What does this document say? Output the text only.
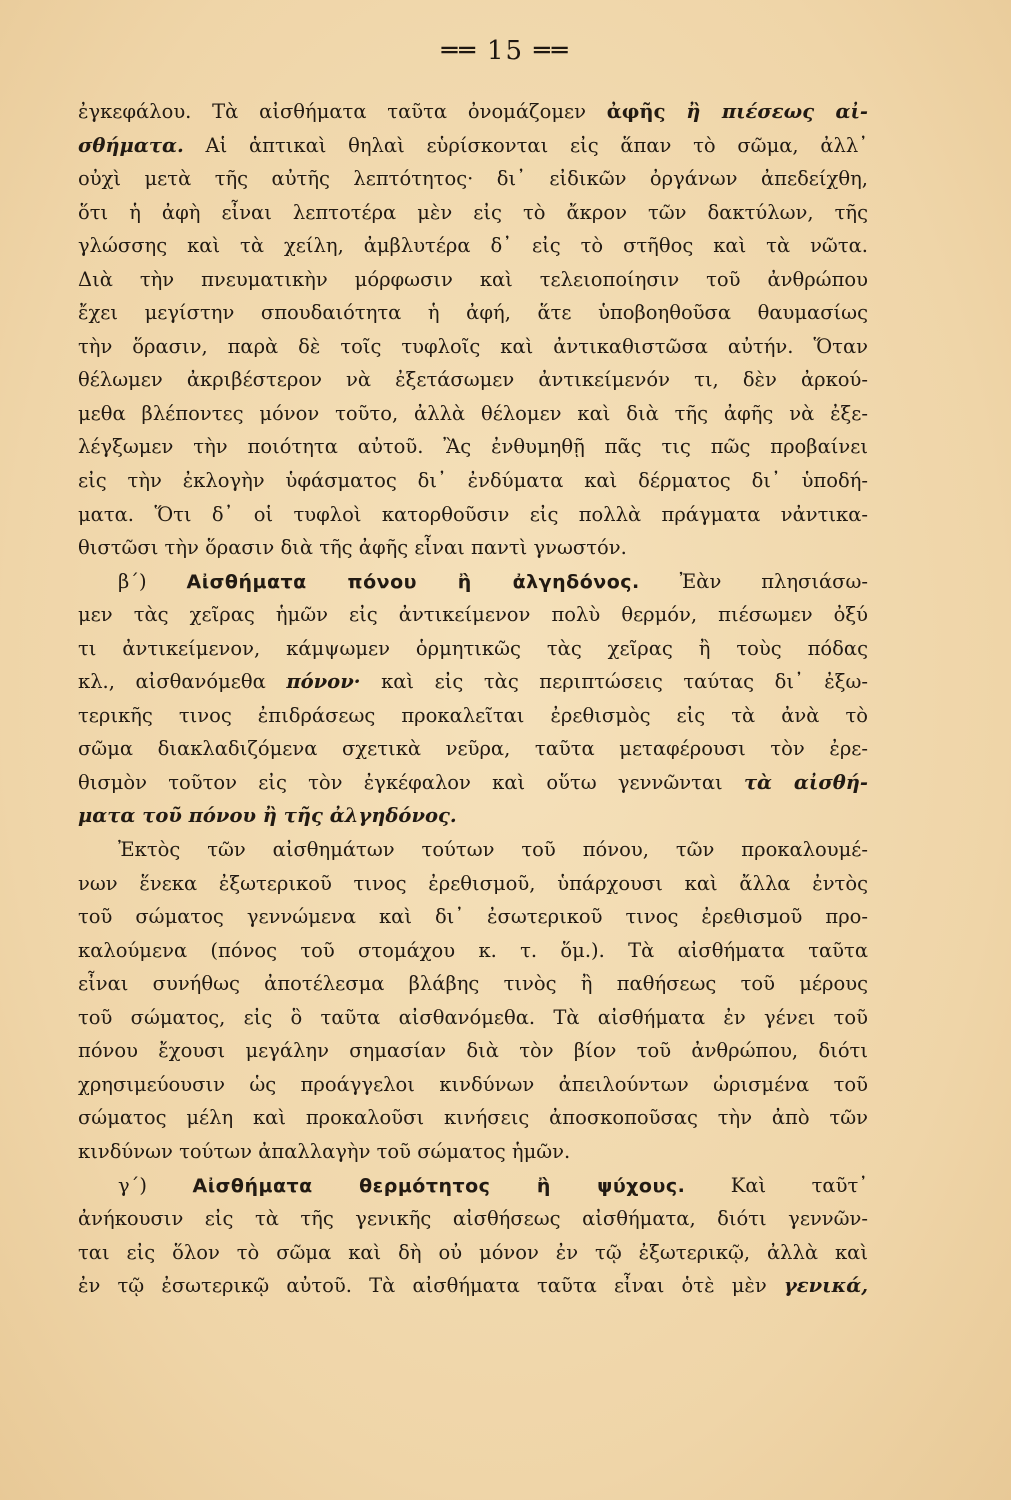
══ 15 ══
ἐγκεφάλου. Τὰ αἰσθήματα ταῦτα ὀνομάζομεν ἀφῆς ἢ πιέσεως αἰ-
σθήματα. Αἱ ἁπτικαὶ θηλαὶ εὑρίσκονται εἰς ἅπαν τὸ σῶμα, ἀλλ᾽
οὐχὶ μετὰ τῆς αὐτῆς λεπτότητος· δι᾽ εἰδικῶν ὀργάνων ἀπεδείχθη,
ὅτι ἡ ἀφὴ εἶναι λεπτοτέρα μὲν εἰς τὸ ἄκρον τῶν δακτύλων, τῆς
γλώσσης καὶ τὰ χείλη, ἀμβλυτέρα δ᾽ εἰς τὸ στῆθος καὶ τὰ νῶτα.
Διὰ τὴν πνευματικὴν μόρφωσιν καὶ τελειοποίησιν τοῦ ἀνθρώπου
ἔχει μεγίστην σπουδαιότητα ἡ ἀφή, ἅτε ὑποβοηθοῦσα θαυμασίως
τὴν ὅρασιν, παρὰ δὲ τοῖς τυφλοῖς καὶ ἀντικαθιστῶσα αὐτήν. Ὅταν
θέλωμεν ἀκριβέστερον νὰ ἐξετάσωμεν ἀντικείμενόν τι, δὲν ἀρκού-
μεθα βλέποντες μόνον τοῦτο, ἀλλὰ θέλομεν καὶ διὰ τῆς ἀφῆς νὰ ἐξε-
λέγξωμεν τὴν ποιότητα αὐτοῦ. Ἂς ἐνθυμηθῇ πᾶς τις πῶς προβαίνει
εἰς τὴν ἐκλογὴν ὑφάσματος δι᾽ ἐνδύματα καὶ δέρματος δι᾽ ὑποδή-
ματα. Ὅτι δ᾽ οἱ τυφλοὶ κατορθοῦσιν εἰς πολλὰ πράγματα νἀντικα-
θιστῶσι τὴν ὅρασιν διὰ τῆς ἀφῆς εἶναι παντὶ γνωστόν.
β´) Αἰσθήματα πόνου ἢ ἀλγηδόνος. Ἐὰν πλησιάσω-
μεν τὰς χεῖρας ἡμῶν εἰς ἀντικείμενον πολὺ θερμόν, πιέσωμεν ὀξύ
τι ἀντικείμενον, κάμψωμεν ὁρμητικῶς τὰς χεῖρας ἢ τοὺς πόδας
κλ., αἰσθανόμεθα πόνον· καὶ εἰς τὰς περιπτώσεις ταύτας δι᾽ ἐξω-
τερικῆς τινος ἐπιδράσεως προκαλεῖται ἐρεθισμὸς εἰς τὰ ἀνὰ τὸ
σῶμα διακλαδιζόμενα σχετικὰ νεῦρα, ταῦτα μεταφέρουσι τὸν ἐρε-
θισμὸν τοῦτον εἰς τὸν ἐγκέφαλον καὶ οὕτω γεννῶνται τὰ αἰσθή-
ματα τοῦ πόνου ἢ τῆς ἀλγηδόνος.
Ἐκτὸς τῶν αἰσθημάτων τούτων τοῦ πόνου, τῶν προκαλουμέ-
νων ἕνεκα ἐξωτερικοῦ τινος ἐρεθισμοῦ, ὑπάρχουσι καὶ ἄλλα ἐντὸς
τοῦ σώματος γεννώμενα καὶ δι᾽ ἐσωτερικοῦ τινος ἐρεθισμοῦ προ-
καλούμενα (πόνος τοῦ στομάχου κ. τ. ὅμ.). Τὰ αἰσθήματα ταῦτα
εἶναι συνήθως ἀποτέλεσμα βλάβης τινὸς ἢ παθήσεως τοῦ μέρους
τοῦ σώματος, εἰς ὃ ταῦτα αἰσθανόμεθα. Τὰ αἰσθήματα ἐν γένει τοῦ
πόνου ἔχουσι μεγάλην σημασίαν διὰ τὸν βίον τοῦ ἀνθρώπου, διότι
χρησιμεύουσιν ὡς προάγγελοι κινδύνων ἀπειλούντων ὡρισμένα τοῦ
σώματος μέλη καὶ προκαλοῦσι κινήσεις ἀποσκοποῦσας τὴν ἀπὸ τῶν
κινδύνων τούτων ἀπαλλαγὴν τοῦ σώματος ἡμῶν.
γ´) Αἰσθήματα θερμότητος ἢ ψύχους. Καὶ ταῦτ᾽
ἀνήκουσιν εἰς τὰ τῆς γενικῆς αἰσθήσεως αἰσθήματα, διότι γεννῶν-
ται εἰς ὅλον τὸ σῶμα καὶ δὴ οὐ μόνον ἐν τῷ ἐξωτερικῷ, ἀλλὰ καὶ
ἐν τῷ ἐσωτερικῷ αὐτοῦ. Τὰ αἰσθήματα ταῦτα εἶναι ὁτὲ μὲν γενικά,
